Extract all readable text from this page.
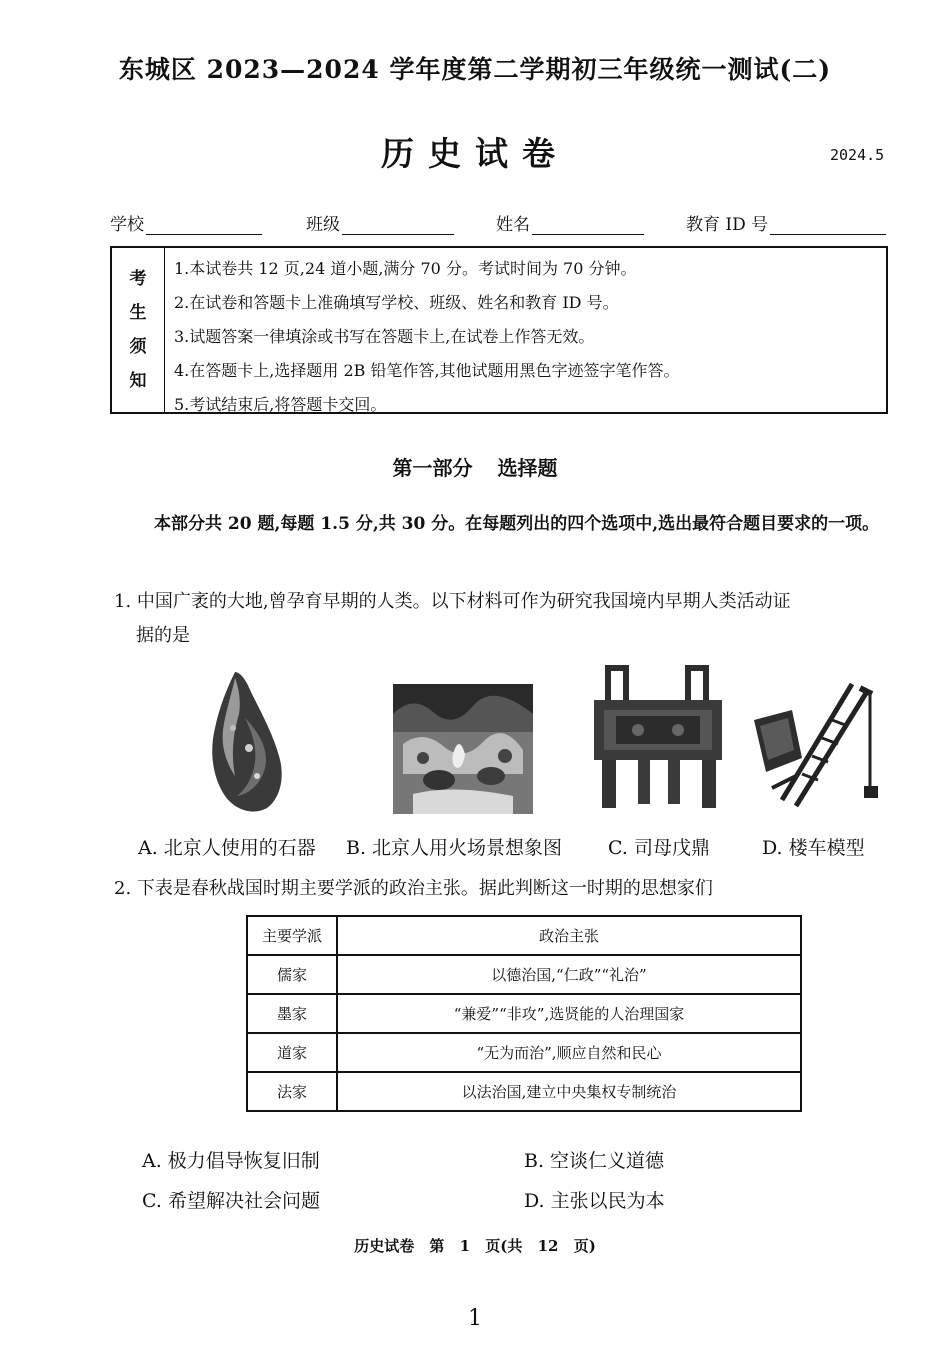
东城区 2023—2024 学年度第二学期初三年级统一测试(二)
历史试卷	2024.5
学校	班级	姓名	教育 ID 号
考
生
须
知
1.本试卷共 12 页,24 道小题,满分 70 分。考试时间为 70 分钟。
2.在试卷和答题卡上准确填写学校、班级、姓名和教育 ID 号。
3.试题答案一律填涂或书写在答题卡上,在试卷上作答无效。
4.在答题卡上,选择题用 2B 铅笔作答,其他试题用黑色字迹签字笔作答。
5.考试结束后,将答题卡交回。
第一部分 选择题
本部分共 20 题,每题 1.5 分,共 30 分。在每题列出的四个选项中,选出最符合题目要求的一项。
1. 中国广袤的大地,曾孕育早期的人类。以下材料可作为研究我国境内早期人类活动证
据的是
A. 北京人使用的石器 B. 北京人用火场景想象图 C. 司母戊鼎	D. 楼车模型
2. 下表是春秋战国时期主要学派的政治主张。据此判断这一时期的思想家们
主要学派	政治主张
儒家	以德治国,“仁政”“礼治”
墨家	“兼爱”“非攻”,选贤能的人治理国家
道家	“无为而治”,顺应自然和民心
法家	以法治国,建立中央集权专制统治
A. 极力倡导恢复旧制	B. 空谈仁义道德
C. 希望解决社会问题	D. 主张以民为本
历史试卷 第 1 页(共 12 页)
1
